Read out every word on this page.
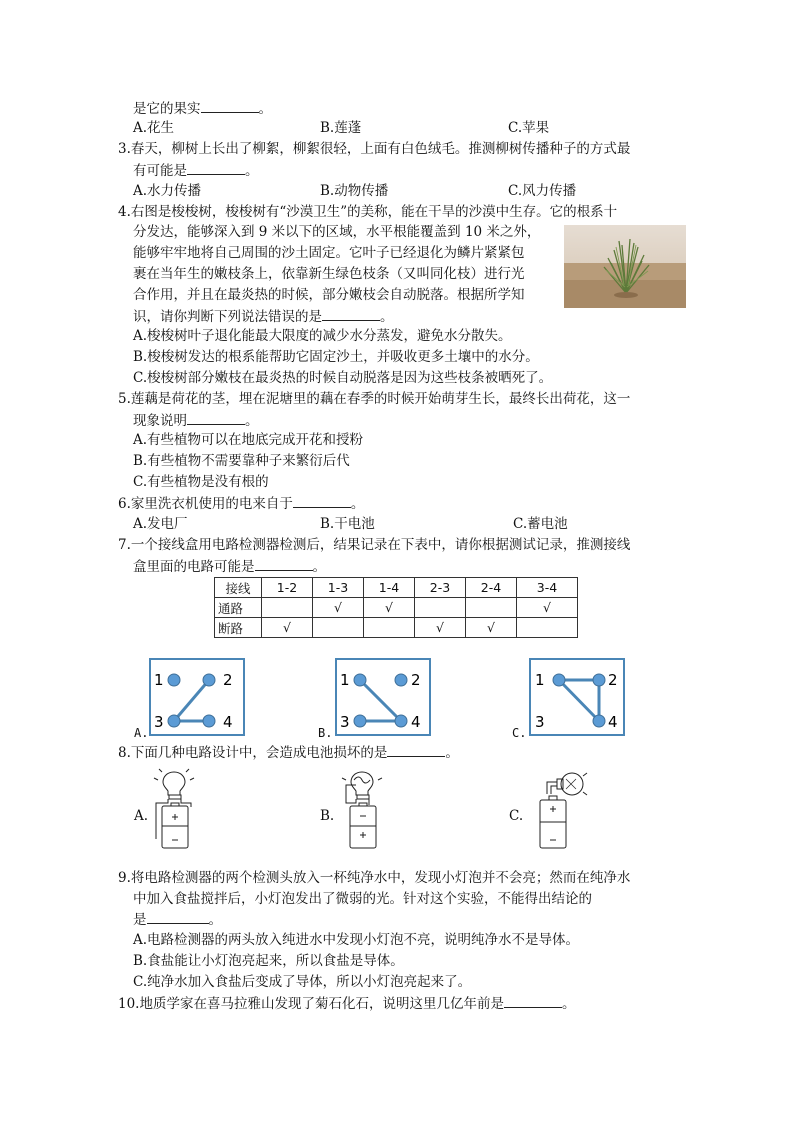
是它的果实	。
A.花生	B.莲蓬	C.苹果
3.春天，柳树上长出了柳絮，柳絮很轻，上面有白色绒毛。推测柳树传播种子的方式最
有可能是	。
A.水力传播	B.动物传播	C.风力传播
4.右图是梭梭树，梭梭树有“沙漠卫生”的美称，能在干旱的沙漠中生存。它的根系十
分发达，能够深入到 9 米以下的区域，水平根能覆盖到 10 米之外，
能够牢牢地将自己周围的沙土固定。它叶子已经退化为鳞片紧紧包
裹在当年生的嫩枝条上，依靠新生绿色枝条（又叫同化枝）进行光
合作用，并且在最炎热的时候，部分嫩枝会自动脱落。根据所学知
识，请你判断下列说法错误的是	。
A.梭梭树叶子退化能最大限度的减少水分蒸发，避免水分散失。
B.梭梭树发达的根系能帮助它固定沙土，并吸收更多土壤中的水分。
C.梭梭树部分嫩枝在最炎热的时候自动脱落是因为这些枝条被晒死了。
5.莲藕是荷花的茎，埋在泥塘里的藕在春季的时候开始萌芽生长，最终长出荷花，这一
现象说明	。
A.有些植物可以在地底完成开花和授粉
B.有些植物不需要靠种子来繁衍后代
C.有些植物是没有根的
6.家里洗衣机使用的电来自于	。
A.发电厂	B.干电池	C.蓄电池
7.一个接线盒用电路检测器检测后，结果记录在下表中，请你根据测试记录，推测接线
盒里面的电路可能是	。
接线	1-2	1-3	1-4	2-3	2-4	3-4
通路		√	√			√
断路	√			√	√	
A.
1	2
3	4
B.
1	2
3	4
C.
1	2
3	4
8.下面几种电路设计中，会造成电池损坏的是	。
A.	B.	C.
9.将电路检测器的两个检测头放入一杯纯净水中，发现小灯泡并不会亮；然而在纯净水
中加入食盐搅拌后，小灯泡发出了微弱的光。针对这个实验，不能得出结论的
是	。
A.电路检测器的两头放入纯进水中发现小灯泡不亮，说明纯净水不是导体。
B.食盐能让小灯泡亮起来，所以食盐是导体。
C.纯净水加入食盐后变成了导体，所以小灯泡亮起来了。
10.地质学家在喜马拉雅山发现了菊石化石，说明这里几亿年前是	。
